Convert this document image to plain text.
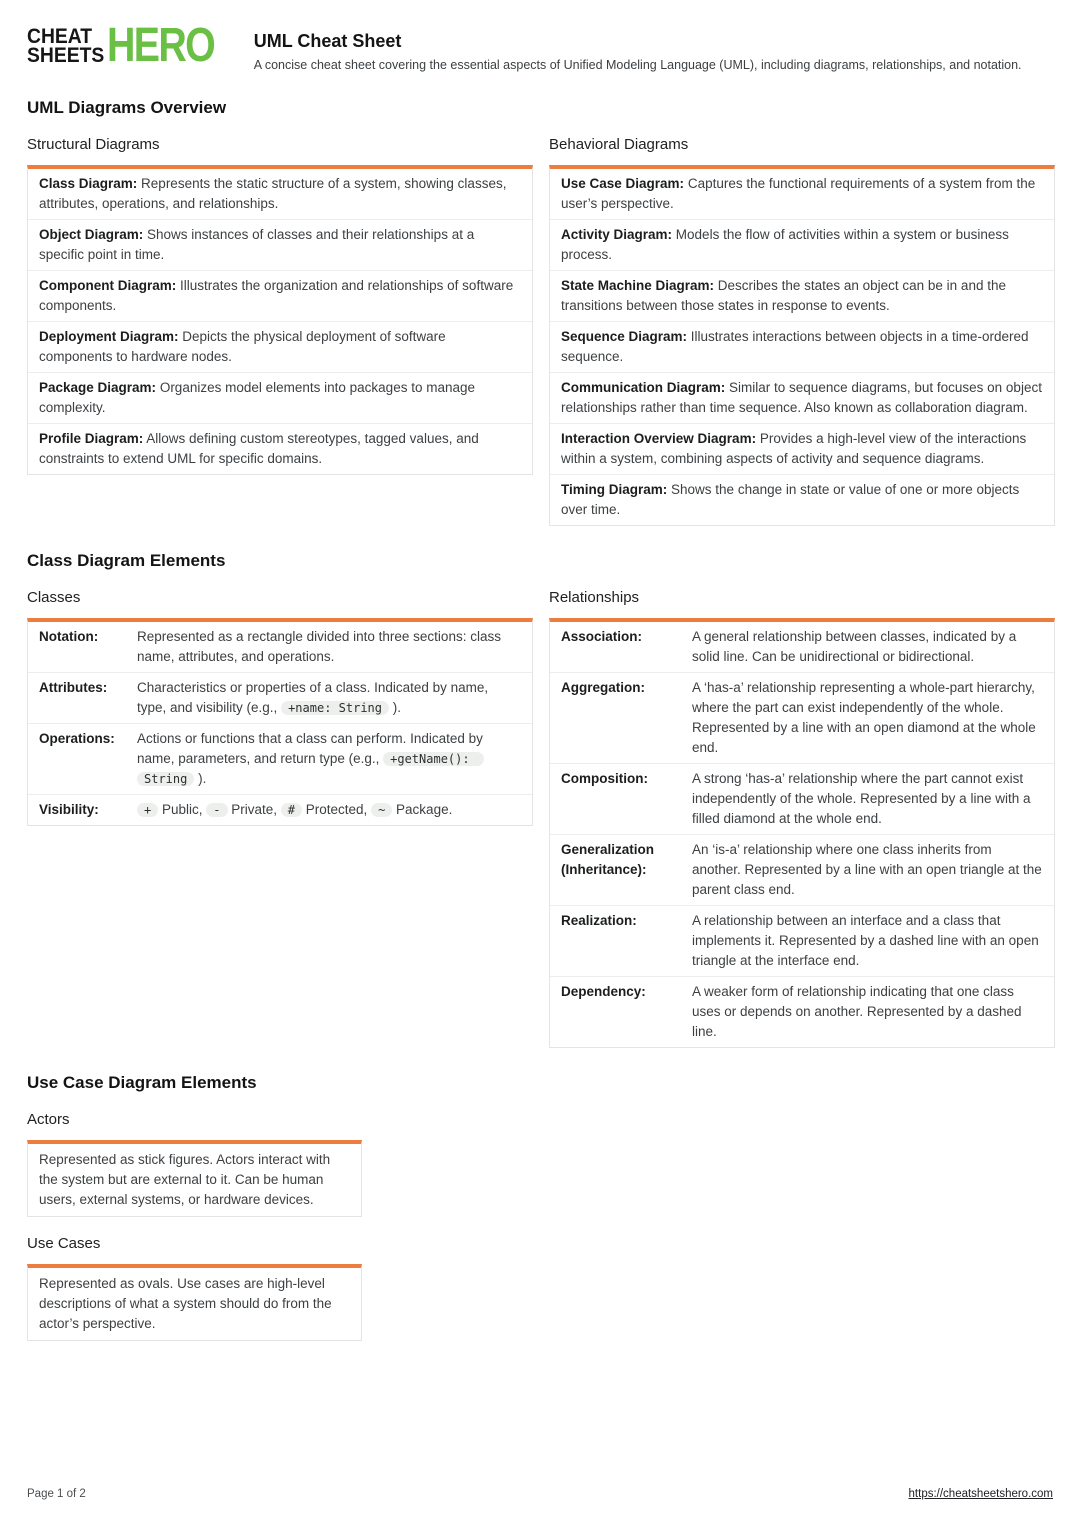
CHEAT
SHEETS HERO UML Cheat Sheet
A concise cheat sheet covering the essential aspects of Unified Modeling Language (UML), including diagrams, relationships, and notation.
UML Diagrams Overview
Structural Diagrams
Class Diagram: Represents the static structure of a system, showing classes, attributes, operations, and relationships.
Object Diagram: Shows instances of classes and their relationships at a specific point in time.
Component Diagram: Illustrates the organization and relationships of software components.
Deployment Diagram: Depicts the physical deployment of software components to hardware nodes.
Package Diagram: Organizes model elements into packages to manage complexity.
Profile Diagram: Allows defining custom stereotypes, tagged values, and constraints to extend UML for specific domains.
Behavioral Diagrams
Use Case Diagram: Captures the functional requirements of a system from the user’s perspective.
Activity Diagram: Models the flow of activities within a system or business process.
State Machine Diagram: Describes the states an object can be in and the transitions between those states in response to events.
Sequence Diagram: Illustrates interactions between objects in a time-ordered sequence.
Communication Diagram: Similar to sequence diagrams, but focuses on object relationships rather than time sequence. Also known as collaboration diagram.
Interaction Overview Diagram: Provides a high-level view of the interactions within a system, combining aspects of activity and sequence diagrams.
Timing Diagram: Shows the change in state or value of one or more objects over time.
Class Diagram Elements
Classes
Notation:	Represented as a rectangle divided into three sections: class name, attributes, and operations.
Attributes:	Characteristics or properties of a class. Indicated by name, type, and visibility (e.g., +name: String ).
Operations:	Actions or functions that a class can perform. Indicated by name, parameters, and return type (e.g., +getName(): String ).
Visibility:	+ Public, - Private, # Protected, ~ Package.
Relationships
Association:	A general relationship between classes, indicated by a solid line. Can be unidirectional or bidirectional.
Aggregation:	A ‘has-a’ relationship representing a whole-part hierarchy, where the part can exist independently of the whole. Represented by a line with an open diamond at the whole end.
Composition:	A strong ‘has-a’ relationship where the part cannot exist independently of the whole. Represented by a line with a filled diamond at the whole end.
Generalization (Inheritance):
An ‘is-a’ relationship where one class inherits from another. Represented by a line with an open triangle at the parent class end.
Realization:	A relationship between an interface and a class that implements it. Represented by a dashed line with an open triangle at the interface end.
Dependency:	A weaker form of relationship indicating that one class uses or depends on another. Represented by a dashed line.
Use Case Diagram Elements
Actors
Represented as stick figures. Actors interact with the system but are external to it. Can be human users, external systems, or hardware devices.
Use Cases
Represented as ovals. Use cases are high-level descriptions of what a system should do from the actor’s perspective.
Page 1 of 2	https://cheatsheetshero.com
